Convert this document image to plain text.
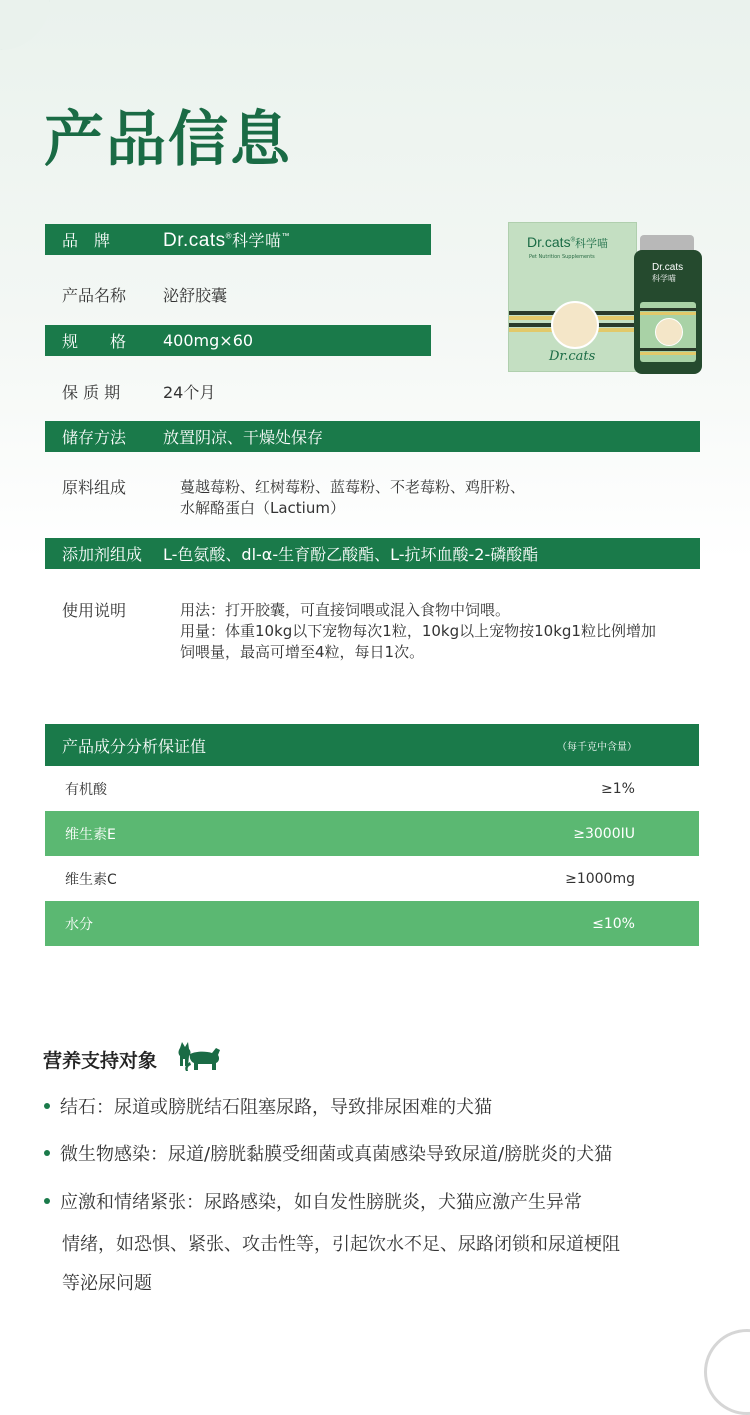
产品信息
品　牌	Dr.cats®科学喵™
产品名称	泌舒胶囊
规　　格	400mg×60
保 质 期	24个月
储存方法	放置阴凉、干燥处保存
原料组成	蔓越莓粉、红树莓粉、蓝莓粉、不老莓粉、鸡肝粉、
水解酪蛋白（Lactium）
添加剂组成	L-色氨酸、dl-α-生育酚乙酸酯、L-抗坏血酸-2-磷酸酯
使用说明	用法：打开胶囊，可直接饲喂或混入食物中饲喂。
用量：体重10kg以下宠物每次1粒，10kg以上宠物按10kg1粒比例增加
饲喂量，最高可增至4粒，每日1次。
Dr.cats®科学喵
Pet Nutrition Supplements
Dr.cats
Dr.cats
科学喵
产品成分分析保证值	（每千克中含量）
有机酸	≥1%
维生素E	≥3000IU
维生素C	≥1000mg
水分	≤10%
营养支持对象
结石：尿道或膀胱结石阻塞尿路，导致排尿困难的犬猫
微生物感染：尿道/膀胱黏膜受细菌或真菌感染导致尿道/膀胱炎的犬猫
应激和情绪紧张：尿路感染，如自发性膀胱炎，犬猫应激产生异常
情绪，如恐惧、紧张、攻击性等，引起饮水不足、尿路闭锁和尿道梗阻
等泌尿问题
